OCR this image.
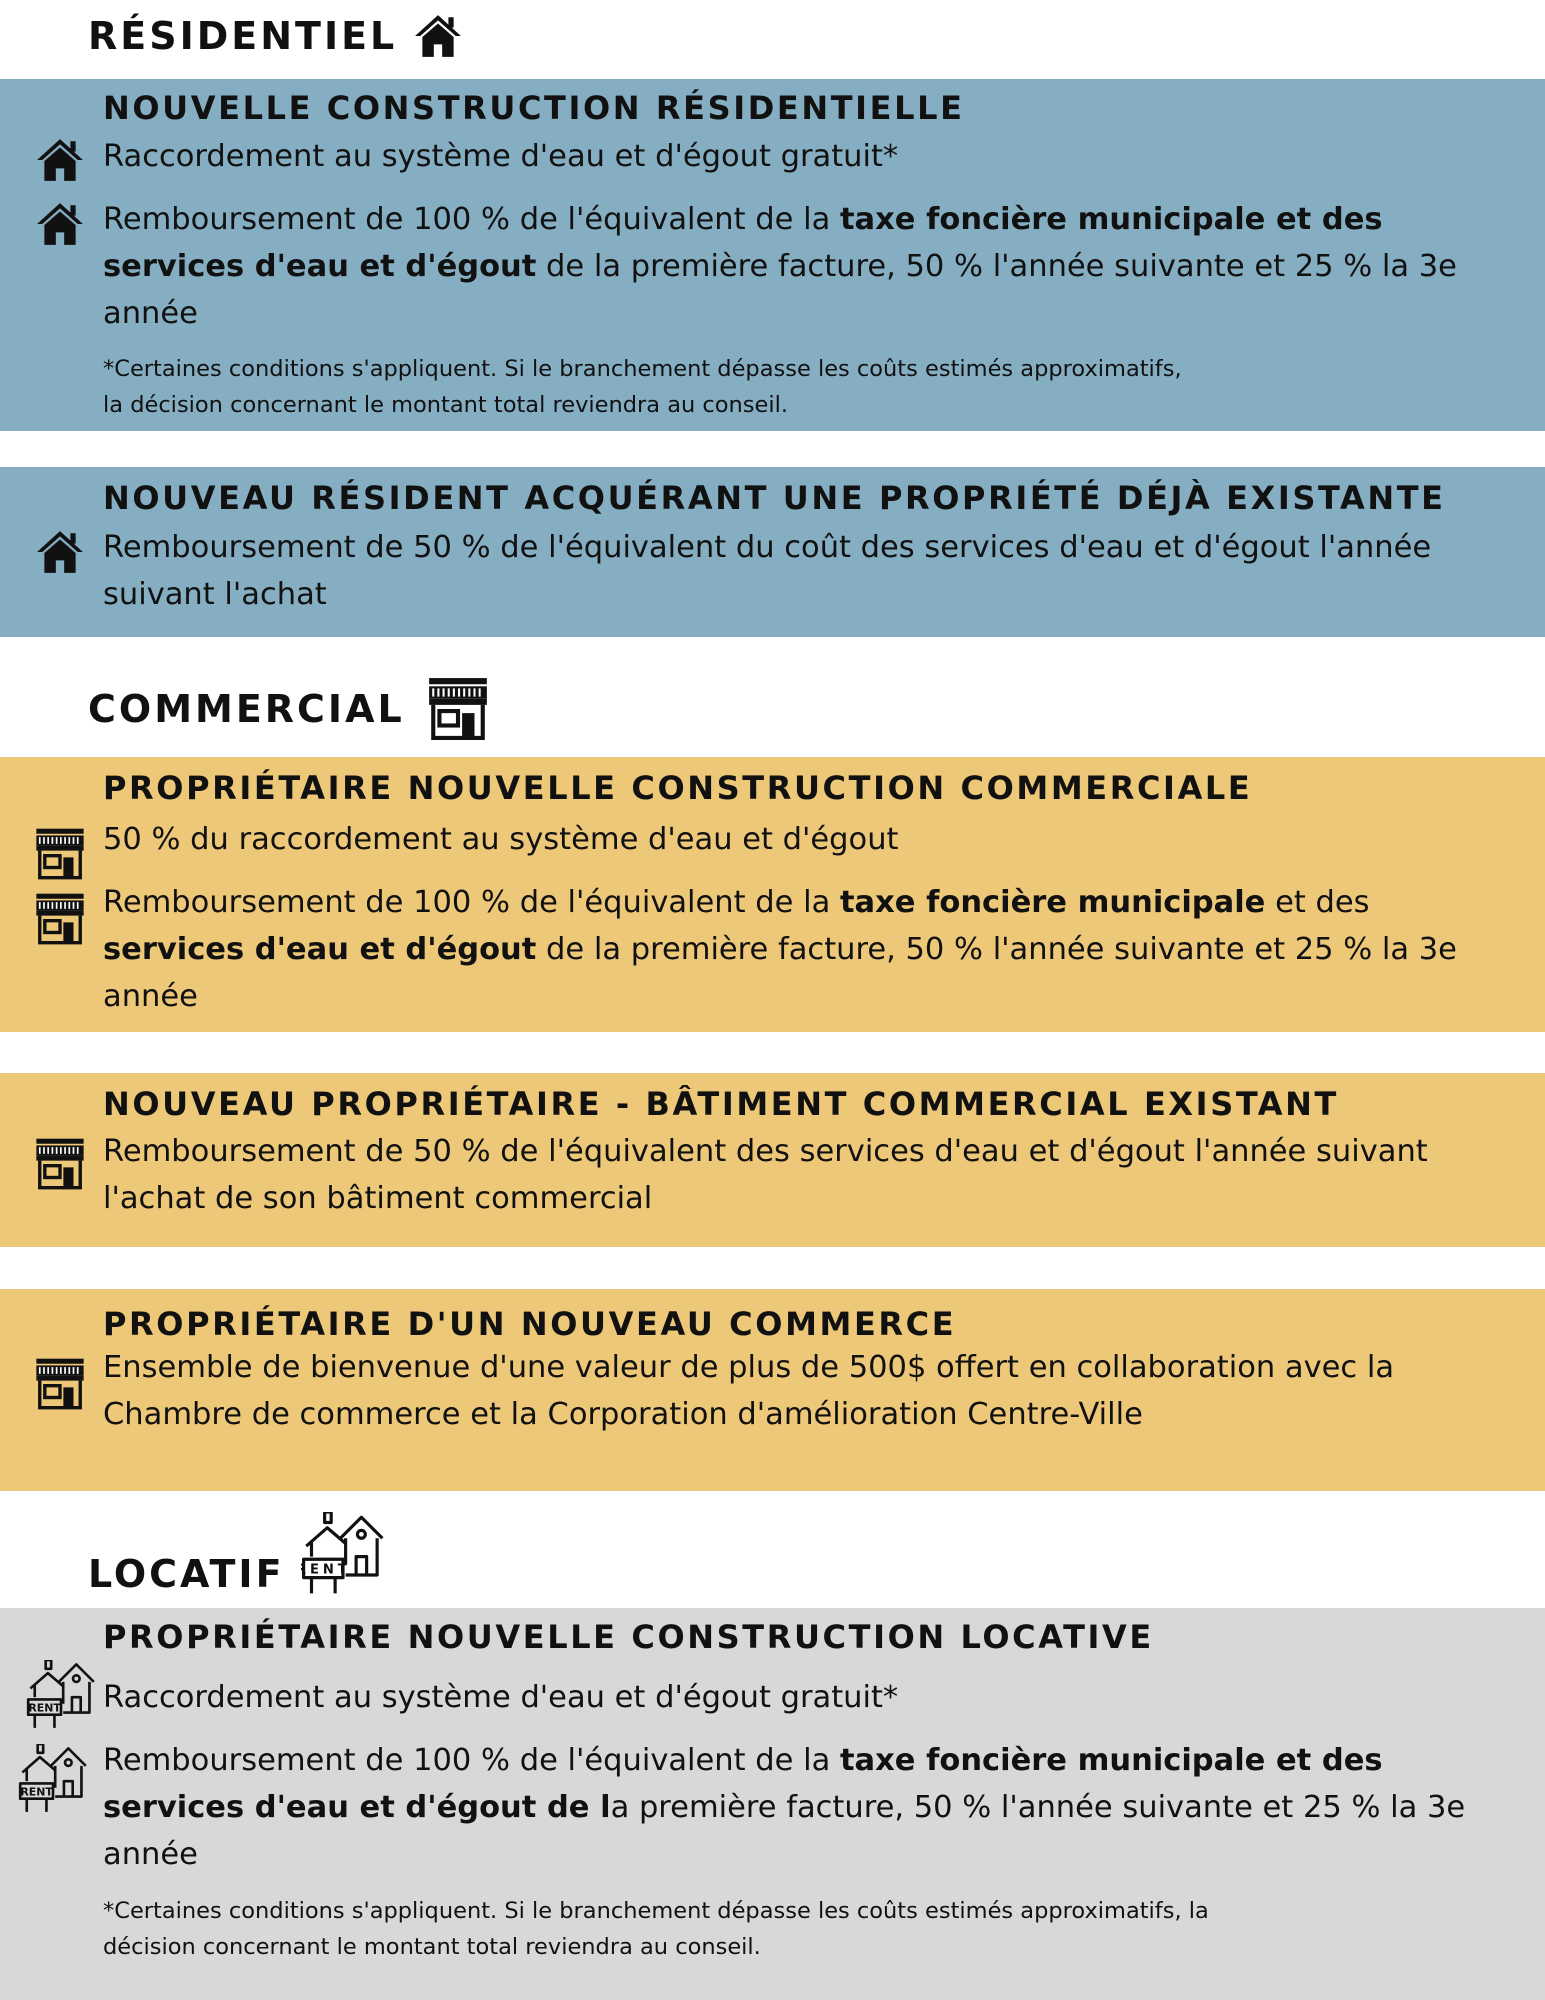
RÉSIDENTIEL
NOUVELLE CONSTRUCTION RÉSIDENTIELLE
Raccordement au système d'eau et d'égout gratuit*
Remboursement de 100 % de l'équivalent de la taxe foncière municipale et des services d'eau et d'égout de la première facture, 50 % l'année suivante et 25 % la 3e année
*Certaines conditions s'appliquent. Si le branchement dépasse les coûts estimés approximatifs,
la décision concernant le montant total reviendra au conseil.
NOUVEAU RÉSIDENT ACQUÉRANT UNE PROPRIÉTÉ DÉJÀ EXISTANTE
Remboursement de 50 % de l'équivalent du coût des services d'eau et d'égout l'année suivant l'achat
COMMERCIAL
PROPRIÉTAIRE NOUVELLE CONSTRUCTION COMMERCIALE
50 % du raccordement au système d'eau et d'égout
Remboursement de 100 % de l'équivalent de la taxe foncière municipale et des services d'eau et d'égout de la première facture, 50 % l'année suivante et 25 % la 3e année
NOUVEAU PROPRIÉTAIRE - BÂTIMENT COMMERCIAL EXISTANT
Remboursement de 50 % de l'équivalent des services d'eau et d'égout l'année suivant l'achat de son bâtiment commercial
PROPRIÉTAIRE D'UN NOUVEAU COMMERCE
Ensemble de bienvenue d'une valeur de plus de 500$ offert en collaboration avec la Chambre de commerce et la Corporation d'amélioration Centre-Ville
LOCATIF
PROPRIÉTAIRE NOUVELLE CONSTRUCTION LOCATIVE
Raccordement au système d'eau et d'égout gratuit*
Remboursement de 100 % de l'équivalent de la taxe foncière municipale et des services d'eau et d'égout de la première facture, 50 % l'année suivante et 25 % la 3e année
*Certaines conditions s'appliquent. Si le branchement dépasse les coûts estimés approximatifs, la
décision concernant le montant total reviendra au conseil.
